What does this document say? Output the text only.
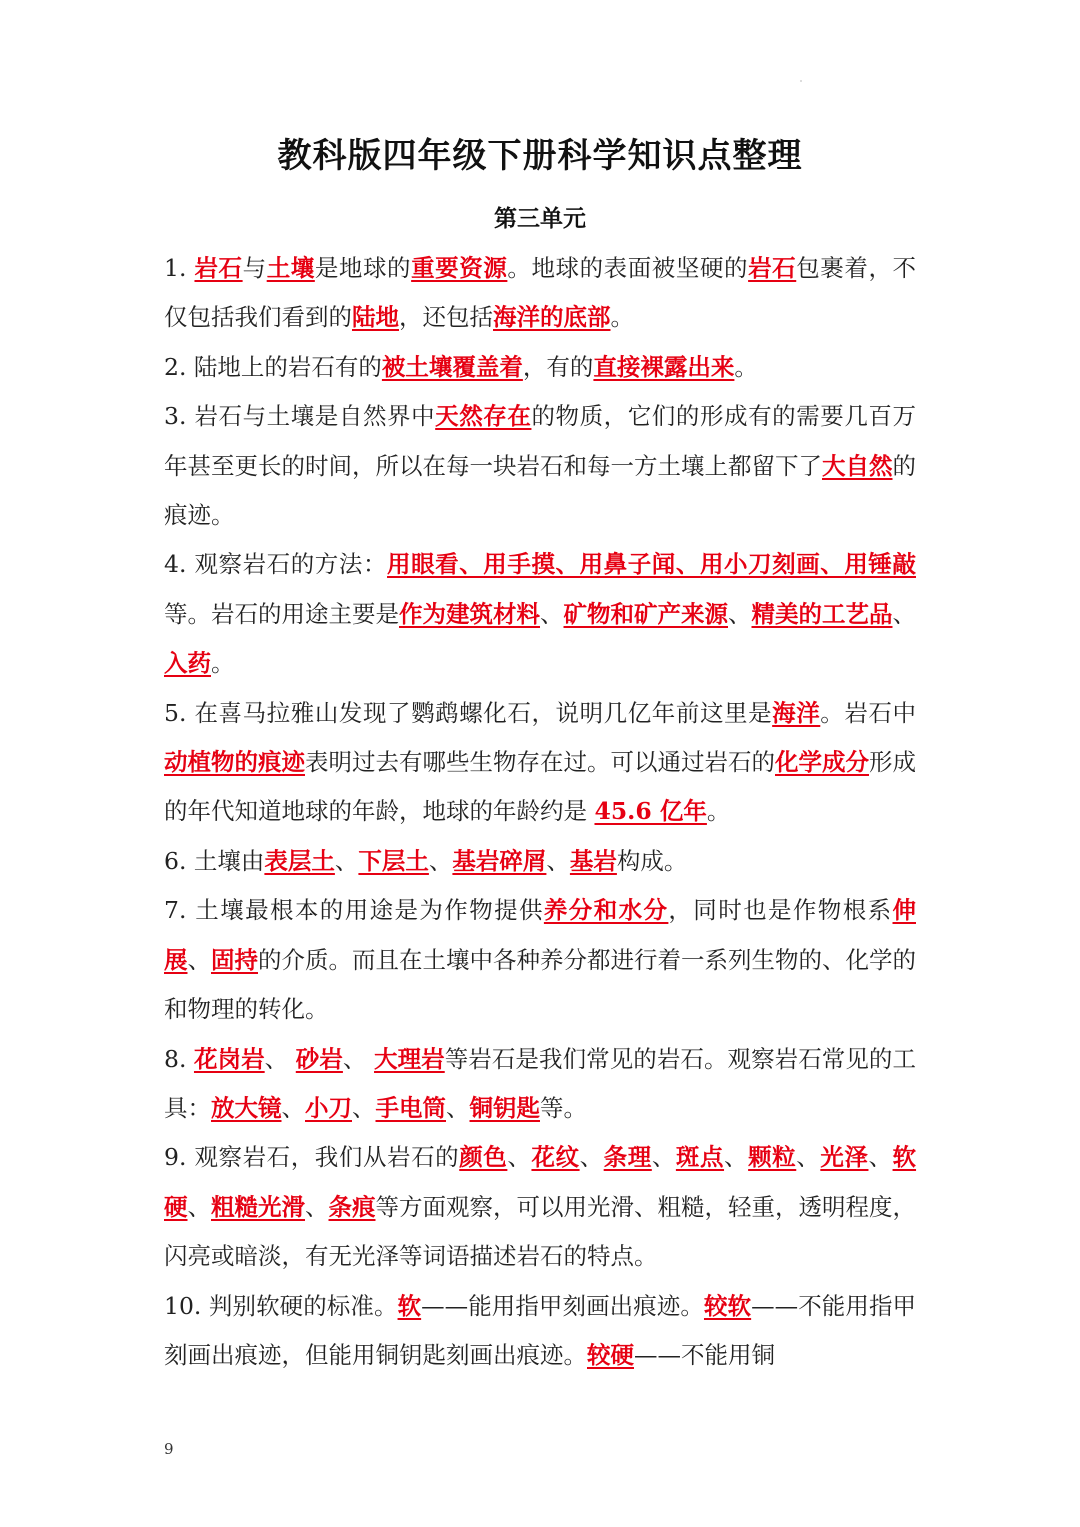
教科版四年级下册科学知识点整理
第三单元

1. 岩石与土壤是地球的重要资源。地球的表面被坚硬的岩石包裹着，不仅包括我们看到的陆地，还包括海洋的底部。

2. 陆地上的岩石有的被土壤覆盖着，有的直接裸露出来。

3. 岩石与土壤是自然界中天然存在的物质，它们的形成有的需要几百万年甚至更长的时间，所以在每一块岩石和每一方土壤上都留下了大自然的痕迹。

4. 观察岩石的方法：用眼看、用手摸、用鼻子闻、用小刀刻画、用锤敲等。岩石的用途主要是作为建筑材料、矿物和矿产来源、精美的工艺品、入药。

5. 在喜马拉雅山发现了鹦鹉螺化石，说明几亿年前这里是海洋。岩石中动植物的痕迹表明过去有哪些生物存在过。可以通过岩石的化学成分形成的年代知道地球的年龄，地球的年龄约是 45.6 亿年。

6. 土壤由表层土、下层土、基岩碎屑、基岩构成。

7. 土壤最根本的用途是为作物提供养分和水分，同时也是作物根系伸展、固持的介质。而且在土壤中各种养分都进行着一系列生物的、化学的和物理的转化。

8. 花岗岩、 砂岩、 大理岩等岩石是我们常见的岩石。观察岩石常见的工具：放大镜、小刀、手电筒、铜钥匙等。

9. 观察岩石，我们从岩石的颜色、花纹、条理、斑点、颗粒、光泽、软硬、粗糙光滑、条痕等方面观察，可以用光滑、粗糙，轻重，透明程度，闪亮或暗淡，有无光泽等词语描述岩石的特点。

10. 判别软硬的标准。软——能用指甲刻画出痕迹。较软——不能用指甲刻画出痕迹，但能用铜钥匙刻画出痕迹。较硬——不能用铜

9
